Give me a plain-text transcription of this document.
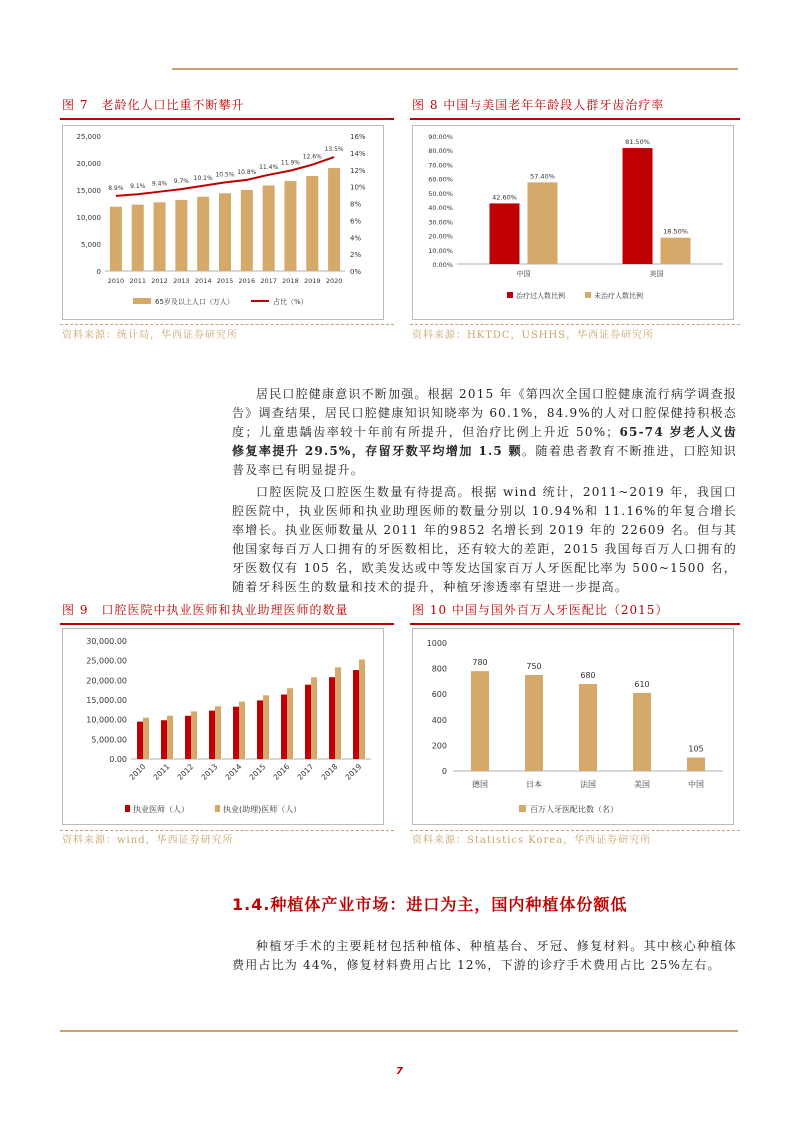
图 7　老龄化人口比重不断攀升
25,000
20,000
15,000
10,000
5,000
0
16%
14%
12%
10%
8%
6%
4%
2%
0%
2010 2011 2012 2013 2014 2015 2016 2017 2018 2019 2020
8.9% 9.1% 9.4% 9.7% 10.1% 10.5% 10.8%
11.4%
11.9%
12.6%
13.5%
65岁及以上人口（万人）	占比（%）
资料来源：统计局，华西证券研究所
图 8 中国与美国老年年龄段人群牙齿治疗率
90.00%
80.00%
70.00%
60.00%
50.00%
40.00%
30.00%
20.00%
10.00%
0.00%
42.60%
57.40%
中国
81.50%
18.50%
美国
治疗过人数比例	未治疗人数比例
资料来源：HKTDC，USHHS，华西证券研究所
居民口腔健康意识不断加强。根据 2015 年《第四次全国口腔健康流行病学调查报告》调查结果，居民口腔健康知识知晓率为 60.1%，84.9%的人对口腔保健持积极态度；儿童患龋齿率较十年前有所提升，但治疗比例上升近 50%；65-74 岁老人义齿修复率提升 29.5%，存留牙数平均增加 1.5 颗。随着患者教育不断推进，口腔知识普及率已有明显提升。
口腔医院及口腔医生数量有待提高。根据 wind 统计，2011~2019 年，我国口腔医院中，执业医师和执业助理医师的数量分别以 10.94%和 11.16%的年复合增长率增长。执业医师数量从 2011 年的9852 名增长到 2019 年的 22609 名。但与其他国家每百万人口拥有的牙医数相比，还有较大的差距，2015 我国每百万人口拥有的牙医数仅有 105 名，欧美发达或中等发达国家百万人牙医配比率为 500~1500 名，随着牙科医生的数量和技术的提升，种植牙渗透率有望进一步提高。
图 9　口腔医院中执业医师和执业助理医师的数量
30,000.00
25,000.00
20,000.00
15,000.00
10,000.00
5,000.00
0.00
2010 2011 2012 2013 2014 2015 2016 2017 2018 2019
执业医师（人）	执业(助理)医师（人）
资料来源：wind，华西证券研究所
图 10 中国与国外百万人牙医配比（2015）
1000
800
600
400
200
0
780
德国
750
日本
680
法国
610
美国
105
中国
百万人牙医配比数（名）
资料来源：Statistics Korea，华西证券研究所
1.4.种植体产业市场：进口为主，国内种植体份额低
种植牙手术的主要耗材包括种植体、种植基台、牙冠、修复材料。其中核心种植体费用占比为 44%，修复材料费用占比 12%，下游的诊疗手术费用占比 25%左右。
7
